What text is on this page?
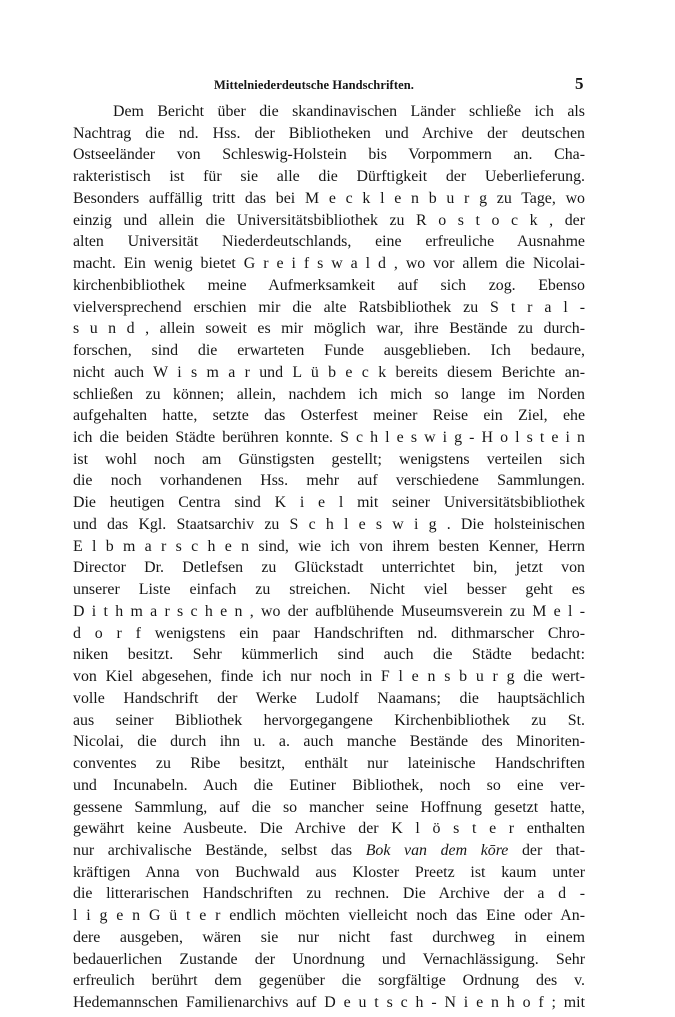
Mittelniederdeutsche Handschriften.	5
Dem Bericht über die skandinavischen Länder schließe ich als
Nachtrag die nd. Hss. der Bibliotheken und Archive der deutschen
Ostseeländer von Schleswig-Holstein bis Vorpommern an. Cha-
rakteristisch ist für sie alle die Dürftigkeit der Ueberlieferung.
Besonders auffällig tritt das bei M e c k l e n b u r g zu Tage, wo
einzig und allein die Universitätsbibliothek zu R o s t o c k , der
alten Universität Niederdeutschlands, eine erfreuliche Ausnahme
macht. Ein wenig bietet G r e i f s w a l d , wo vor allem die Nicolai-
kirchenbibliothek meine Aufmerksamkeit auf sich zog. Ebenso
vielversprechend erschien mir die alte Ratsbibliothek zu S t r a l -
s u n d , allein soweit es mir möglich war, ihre Bestände zu durch-
forschen, sind die erwarteten Funde ausgeblieben. Ich bedaure,
nicht auch W i s m a r und L ü b e c k bereits diesem Berichte an-
schließen zu können; allein, nachdem ich mich so lange im Norden
aufgehalten hatte, setzte das Osterfest meiner Reise ein Ziel, ehe
ich die beiden Städte berühren konnte. S c h l e s w i g - H o l s t e i n
ist wohl noch am Günstigsten gestellt; wenigstens verteilen sich
die noch vorhandenen Hss. mehr auf verschiedene Sammlungen.
Die heutigen Centra sind K i e l mit seiner Universitätsbibliothek
und das Kgl. Staatsarchiv zu S c h l e s w i g . Die holsteinischen
E l b m a r s c h e n sind, wie ich von ihrem besten Kenner, Herrn
Director Dr. Detlefsen zu Glückstadt unterrichtet bin, jetzt von
unserer Liste einfach zu streichen. Nicht viel besser geht es
D i t h m a r s c h e n , wo der aufblühende Museumsverein zu M e l -
d o r f wenigstens ein paar Handschriften nd. dithmarscher Chro-
niken besitzt. Sehr kümmerlich sind auch die Städte bedacht:
von Kiel abgesehen, finde ich nur noch in F l e n s b u r g die wert-
volle Handschrift der Werke Ludolf Naamans; die hauptsächlich
aus seiner Bibliothek hervorgegangene Kirchenbibliothek zu St.
Nicolai, die durch ihn u. a. auch manche Bestände des Minoriten-
conventes zu Ribe besitzt, enthält nur lateinische Handschriften
und Incunabeln. Auch die Eutiner Bibliothek, noch so eine ver-
gessene Sammlung, auf die so mancher seine Hoffnung gesetzt hatte,
gewährt keine Ausbeute. Die Archive der K l ö s t e r enthalten
nur archivalische Bestände, selbst das Bok van dem kōre der that-
kräftigen Anna von Buchwald aus Kloster Preetz ist kaum unter
die litterarischen Handschriften zu rechnen. Die Archive der a d -
l i g e n G ü t e r endlich möchten vielleicht noch das Eine oder An-
dere ausgeben, wären sie nur nicht fast durchweg in einem
bedauerlichen Zustande der Unordnung und Vernachlässigung. Sehr
erfreulich berührt dem gegenüber die sorgfältige Ordnung des v.
Hedemannschen Familienarchivs auf D e u t s c h - N i e n h o f ; mit
